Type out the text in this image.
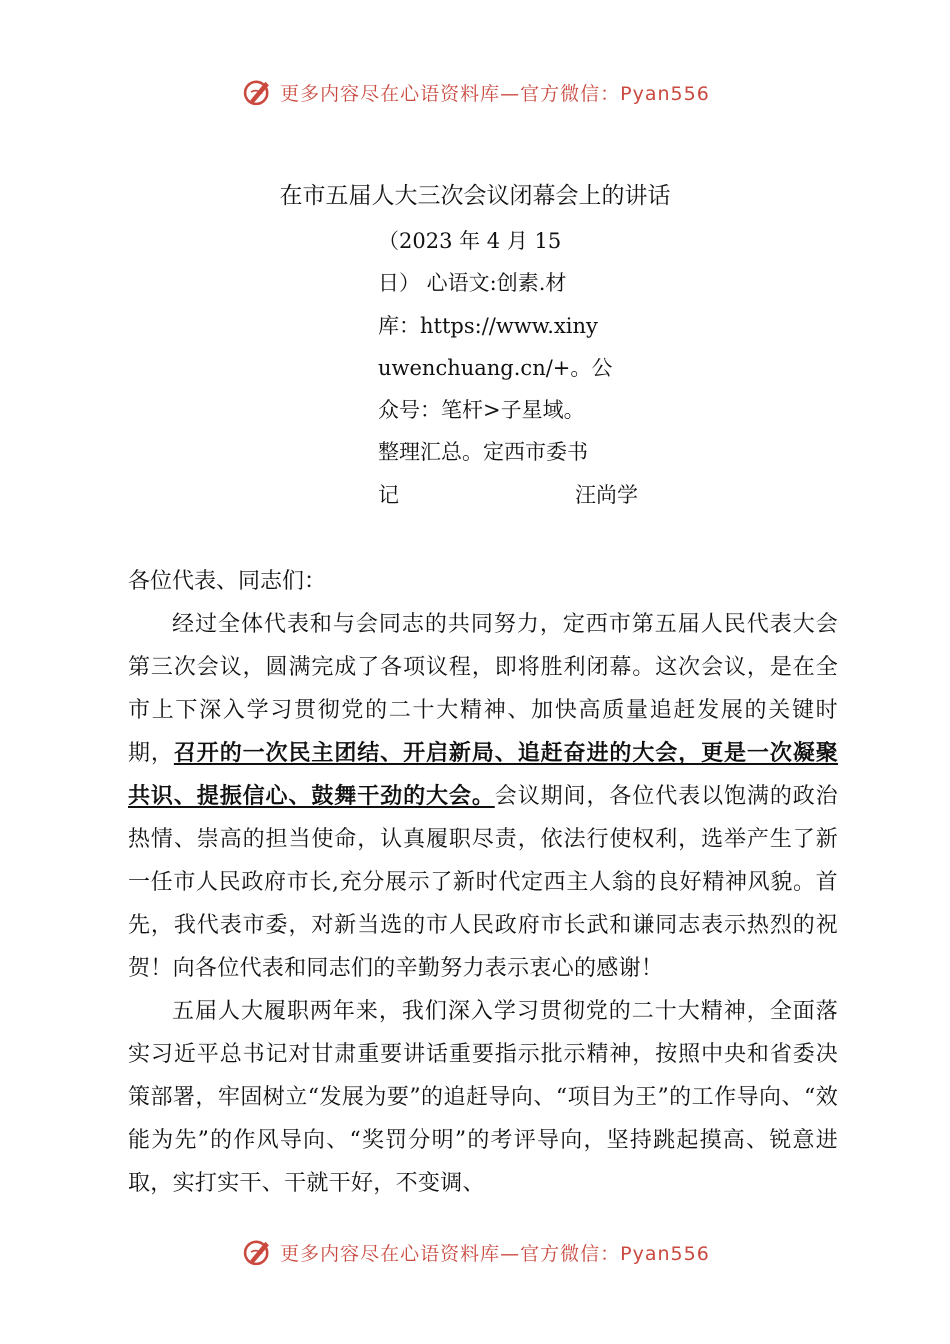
更多内容尽在心语资料库—官方微信：Pyan556
在市五届人大三次会议闭幕会上的讲话
（2023 年 4 月 15
日） 心语文:创素.材
库：https://www.xiny
uwenchuang.cn/+。公
众号：笔杆>子星域。
整理汇总。定西市委书
记	汪尚学
各位代表、同志们：

经过全体代表和与会同志的共同努力，定西市第五届人民代表大会第三次会议，圆满完成了各项议程，即将胜利闭幕。这次会议，是在全市上下深入学习贯彻党的二十大精神、加快高质量追赶发展的关键时期，召开的一次民主团结、开启新局、追赶奋进的大会，更是一次凝聚共识、提振信心、鼓舞干劲的大会。会议期间，各位代表以饱满的政治热情、崇高的担当使命，认真履职尽责，依法行使权利，选举产生了新一任市人民政府市长,充分展示了新时代定西主人翁的良好精神风貌。首先，我代表市委，对新当选的市人民政府市长武和谦同志表示热烈的祝贺！向各位代表和同志们的辛勤努力表示衷心的感谢！

五届人大履职两年来，我们深入学习贯彻党的二十大精神，全面落实习近平总书记对甘肃重要讲话重要指示批示精神，按照中央和省委决策部署，牢固树立“发展为要”的追赶导向、“项目为王”的工作导向、“效能为先”的作风导向、“奖罚分明”的考评导向，坚持跳起摸高、锐意进取，实打实干、干就干好，不变调、

更多内容尽在心语资料库—官方微信：Pyan556
